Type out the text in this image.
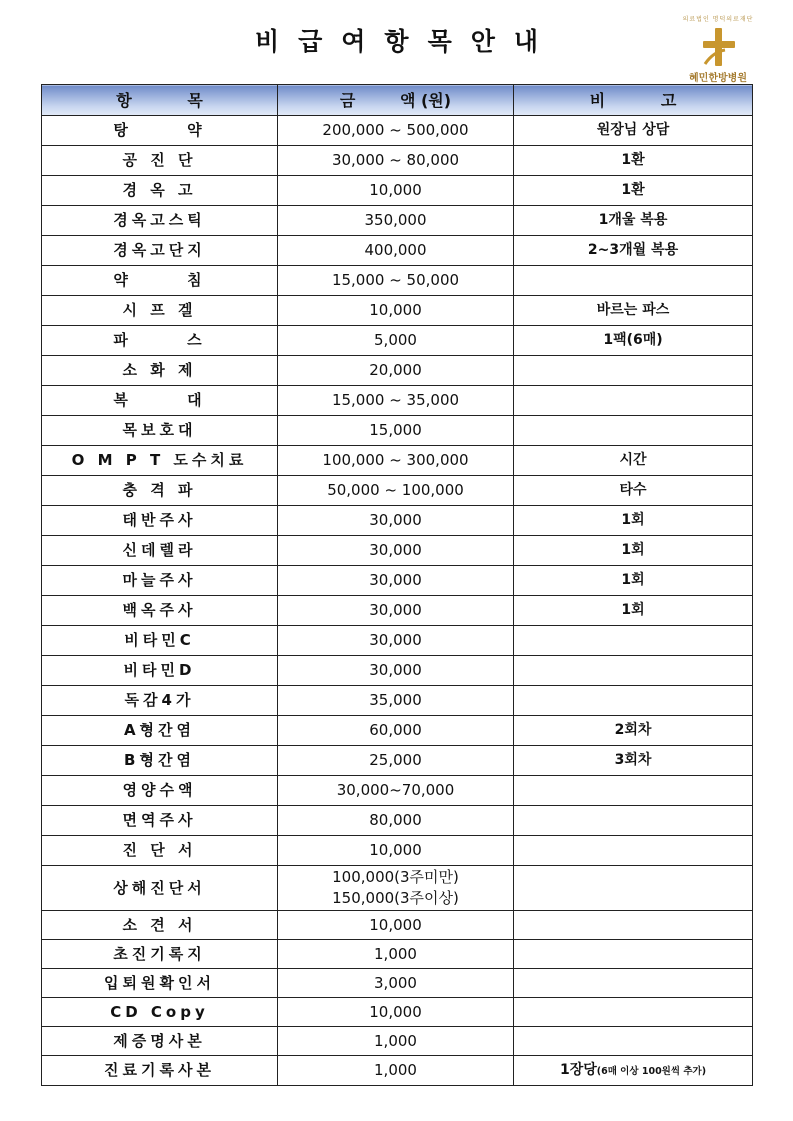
비급여항목안내
의료법인 명덕의료재단
혜민한방병원
항          목	금        액 (원)	비          고
탕      약	200,000 ~ 500,000	원장님 상담
공 진 단	30,000 ~ 80,000	1환
경 옥 고	10,000	1환
경옥고스틱	350,000	1개울 복용
경옥고단지	400,000	2~3개월 복용
약      침	15,000 ~ 50,000	
시 프 겔	10,000	바르는 파스
파      스	5,000	1팩(6매)
소 화 제	20,000	
복      대	15,000 ~ 35,000	
목보호대	15,000	
O M P T 도수치료	100,000 ~ 300,000	시간
충 격 파	50,000 ~ 100,000	타수
태반주사	30,000	1회
신데렐라	30,000	1회
마늘주사	30,000	1회
백옥주사	30,000	1회
비타민C	30,000	
비타민D	30,000	
독감4가	35,000	
A형간염	60,000	2회차
B형간염	25,000	3회차
영양수액	30,000~70,000	
면역주사	80,000	
진 단 서	10,000	
상해진단서	100,000(3주미만)
150,000(3주이상)	

소 견 서	10,000	
초진기록지	1,000	
입퇴원확인서	3,000	
CD Copy	10,000	
제증명사본	1,000	
진료기록사본	1,000	1장당(6매 이상 100원씩 추가)
